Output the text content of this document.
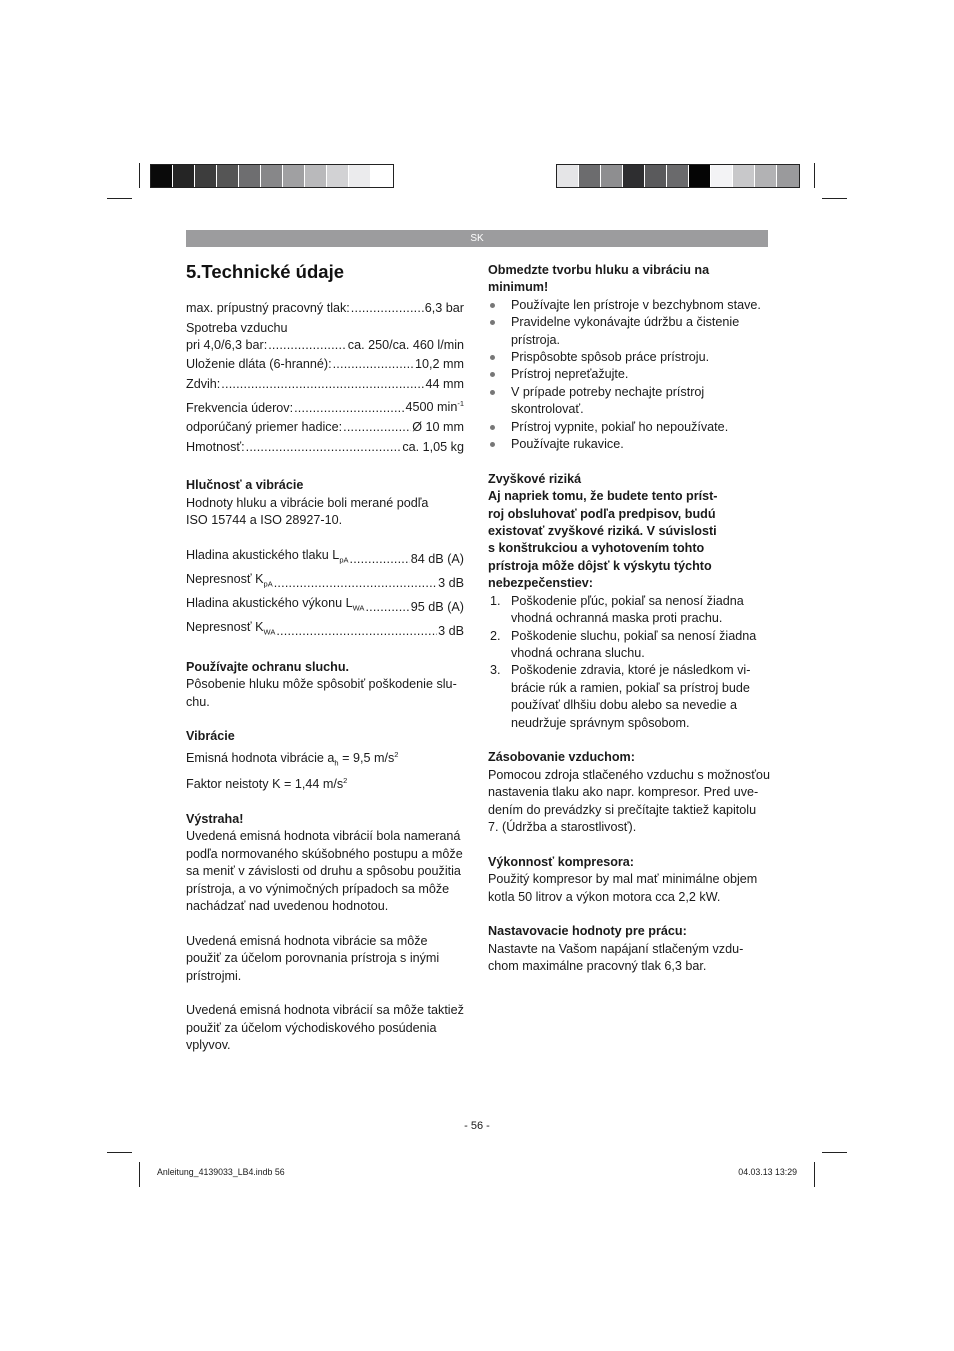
SK
5.Technické údaje
max. prípustný pracovný tlak: .....	6,3 bar
Spotreba vzduchu
pri 4,0/6,3 bar: .....	ca. 250/ca. 460 l/min
Uloženie dláta (6-hranné): .....	10,2 mm
Zdvih: .....	44 mm
Frekvencia úderov: .....	4500 $\min^{-1}$
odporúčaný priemer hadice: .....	Ø 10 mm
Hmotnosť: .....	ca. 1,05 kg
Hlučnosť a vibrácie
Hodnoty hluku a vibrácie boli merané podľa
ISO 15744 a ISO 28927-10.
Hladina akustického tlaku $L_{pA}$ .....	84 dB (A)
Nepresnosť $K_{pA}$ .....	3 dB
Hladina akustického výkonu $L_{WA}$ .....	95 dB (A)
Nepresnosť $K_{WA}$ .....	3 dB
Používajte ochranu sluchu.
Pôsobenie hluku môže spôsobiť poškodenie slu-
chu.
Vibrácie
Emisná hodnota vibrácie $a_h = 9,5$ $m/s^2$
Faktor neistoty K = 1,44 $m/s^2$
Výstraha!
Uvedená emisná hodnota vibrácií bola nameraná
podľa normovaného skúšobného postupu a môže
sa meniť v závislosti od druhu a spôsobu použitia
prístroja, a vo výnimočných prípadoch sa môže
nachádzať nad uvedenou hodnotou.
Uvedená emisná hodnota vibrácie sa môže
použiť za účelom porovnania prístroja s inými
prístrojmi.
Uvedená emisná hodnota vibrácií sa môže taktiež
použiť za účelom východiskového posúdenia
vplyvov.
Obmedzte tvorbu hluku a vibráciu na
minimum!
Používajte len prístroje v bezchybnom stave.
Pravidelne vykonávajte údržbu a čistenie
prístroja.
Prispôsobte spôsob práce prístroju.
Prístroj nepreťažujte.
V prípade potreby nechajte prístroj
skontrolovať.
Prístroj vypnite, pokiaľ ho nepoužívate.
Používajte rukavice.
Zvyškové riziká
Aj napriek tomu, že budete tento príst-
roj obsluhovať podľa predpisov, budú
existovať zvyškové riziká. V súvislosti
s konštrukciou a vyhotovením tohto
prístroja môže dôjsť k výskytu týchto
nebezpečenstiev:
1. Poškodenie pľúc, pokiaľ sa nenosí žiadna
vhodná ochranná maska proti prachu.
2. Poškodenie sluchu, pokiaľ sa nenosí žiadna
vhodná ochrana sluchu.
3. Poškodenie zdravia, ktoré je následkom vi-
brácie rúk a ramien, pokiaľ sa prístroj bude
používať dlhšiu dobu alebo sa nevedie a
neudržuje správnym spôsobom.
Zásobovanie vzduchom:
Pomocou zdroja stlačeného vzduchu s možnosťou
nastavenia tlaku ako napr. kompresor. Pred uve-
dením do prevádzky si prečítajte taktiež kapitolu
7. (Údržba a starostlivosť).
Výkonnosť kompresora:
Použitý kompresor by mal mať minimálne objem
kotla 50 litrov a výkon motora cca 2,2 kW.
Nastavovacie hodnoty pre prácu:
Nastavte na Vašom napájaní stlačeným vzdu-
chom maximálne pracovný tlak 6,3 bar.
- 56 -
Anleitung_4139033_LB4.indb 56	04.03.13 13:29
